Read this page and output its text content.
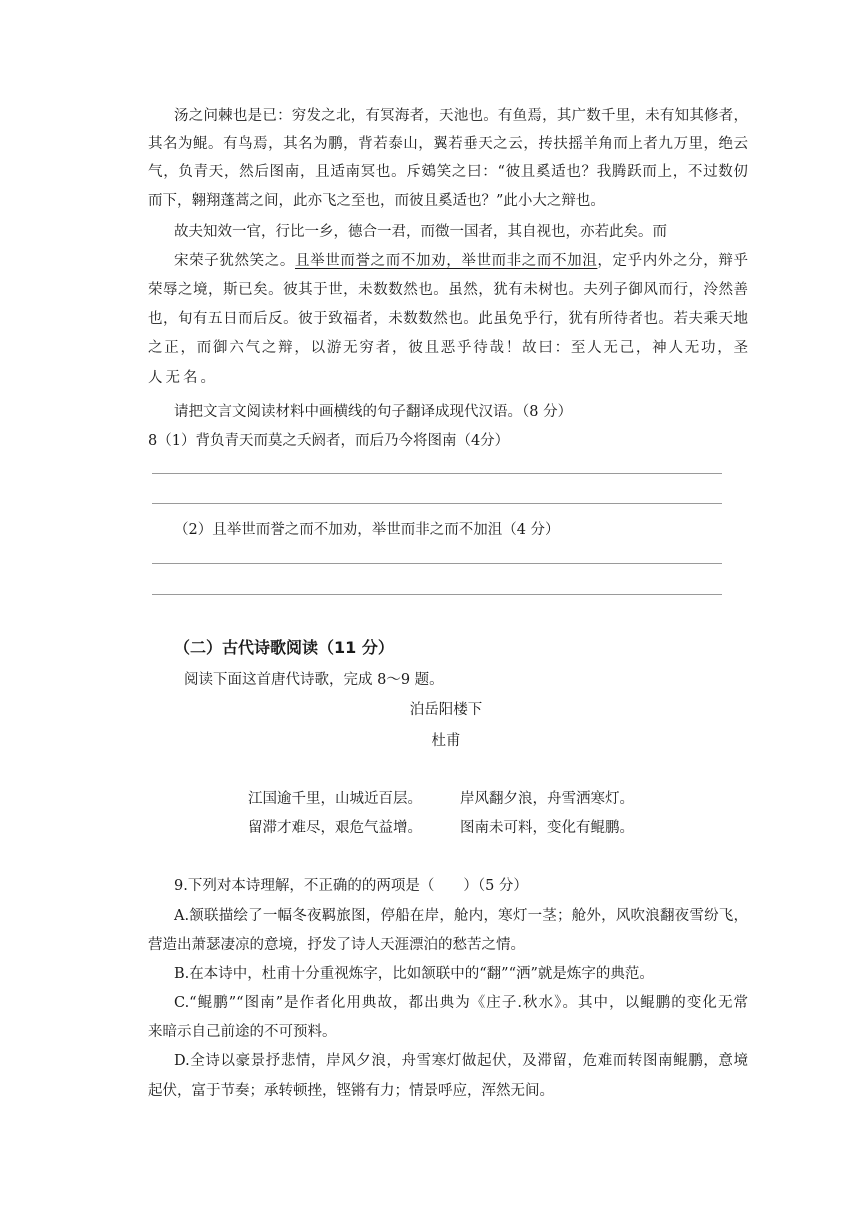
汤之问棘也是已：穷发之北，有冥海者，天池也。有鱼焉，其广数千里，未有知其修者，
其名为鲲。有鸟焉，其名为鹏，背若泰山，翼若垂天之云，抟扶摇羊角而上者九万里，绝云
气，负青天，然后图南，且适南冥也。斥鴳笑之曰：“彼且奚适也？我腾跃而上，不过数仞
而下，翱翔蓬蒿之间，此亦飞之至也，而彼且奚适也？”此小大之辩也。
故夫知效一官，行比一乡，德合一君，而徵一国者，其自视也，亦若此矣。而
宋荣子犹然笑之。且举世而誉之而不加劝，举世而非之而不加沮，定乎内外之分，辩乎
荣辱之境，斯已矣。彼其于世，未数数然也。虽然，犹有未树也。夫列子御风而行，泠然善
也，旬有五日而后反。彼于致福者，未数数然也。此虽免乎行，犹有所待者也。若夫乘天地
之正，而御六气之辩，以游无穷者，彼且恶乎待哉！故曰：至人无己，神人无功，圣
人无名。
请把文言文阅读材料中画横线的句子翻译成现代汉语。（8 分）
8（1）背负青天而莫之夭阏者，而后乃今将图南（4分）
（2）且举世而誉之而不加劝，举世而非之而不加沮（4 分）
（二）古代诗歌阅读（11 分）
阅读下面这首唐代诗歌，完成 8～9 题。
泊岳阳楼下
杜甫
江国逾千里，山城近百层。	岸风翻夕浪，舟雪洒寒灯。
留滞才难尽，艰危气益增。	图南未可料，变化有鲲鹏。
9.下列对本诗理解，不正确的的两项是（　　）（5 分）
A.颔联描绘了一幅冬夜羁旅图，停船在岸，舱内，寒灯一茎；舱外，风吹浪翻夜雪纷飞，
营造出萧瑟凄凉的意境，抒发了诗人天涯漂泊的愁苦之情。
B.在本诗中，杜甫十分重视炼字，比如颔联中的“翻”“洒”就是炼字的典范。
C.“鲲鹏”“图南”是作者化用典故，都出典为《庄子.秋水》。其中，以鲲鹏的变化无常
来暗示自己前途的不可预料。
D.全诗以豪景抒悲情，岸风夕浪，舟雪寒灯做起伏，及滞留，危难而转图南鲲鹏，意境
起伏，富于节奏；承转顿挫，铿锵有力；情景呼应，浑然无间。
